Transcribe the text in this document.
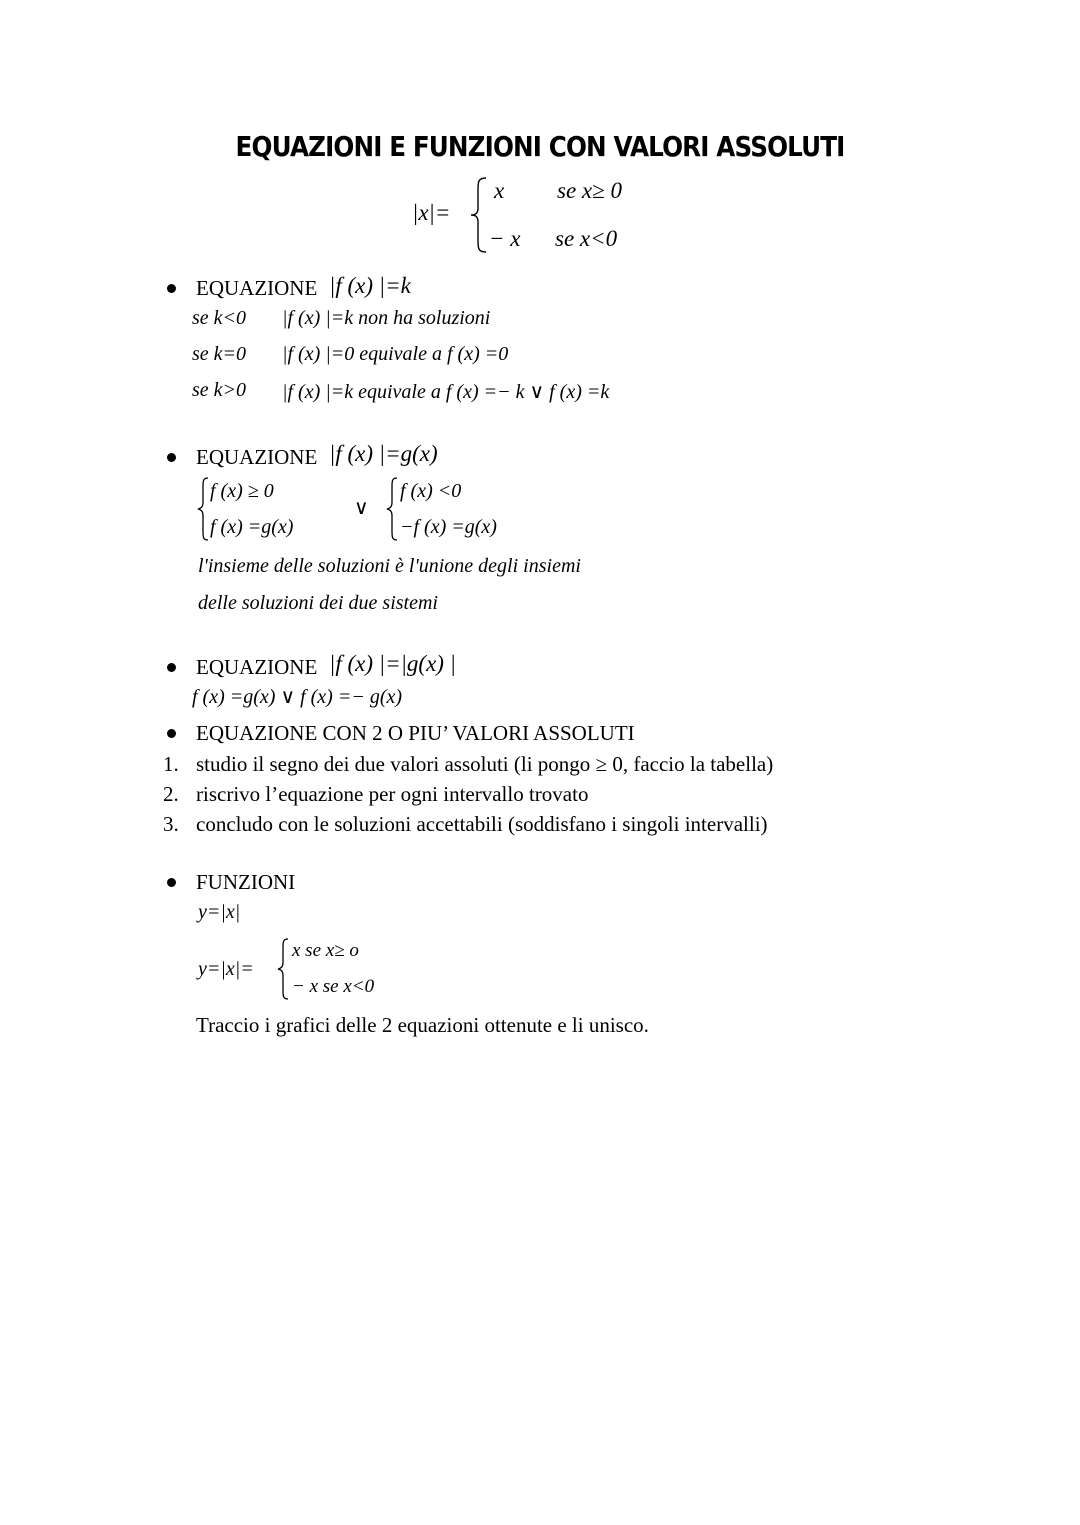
EQUAZIONI E FUNZIONI CON VALORI ASSOLUTI
|x|=
x se x≥ 0
− x se x<0
EQUAZIONE |f (x) |=k
se k<0 |f (x) |=k non ha soluzioni
se k=0 |f (x) |=0 equivale a f (x) =0
se k>0 |f (x) |=k equivale a f (x) =− k ∨ f (x) =k
EQUAZIONE |f (x) |=g(x)
f (x) ≥ 0
f (x) =g(x)
∨
f (x) <0
−f (x) =g(x)
l'insieme delle soluzioni è l'unione degli insiemi
delle soluzioni dei due sistemi
EQUAZIONE |f (x) |=|g(x) |
f (x) =g(x) ∨ f (x) =− g(x)
EQUAZIONE CON 2 O PIU’ VALORI ASSOLUTI
1. studio il segno dei due valori assoluti (li pongo ≥ 0, faccio la tabella)
2. riscrivo l’equazione per ogni intervallo trovato
3. concludo con le soluzioni accettabili (soddisfano i singoli intervalli)
FUNZIONI
y=|x|
y=|x|=
x se x≥ o
− x se x<0
Traccio i grafici delle 2 equazioni ottenute e li unisco.
